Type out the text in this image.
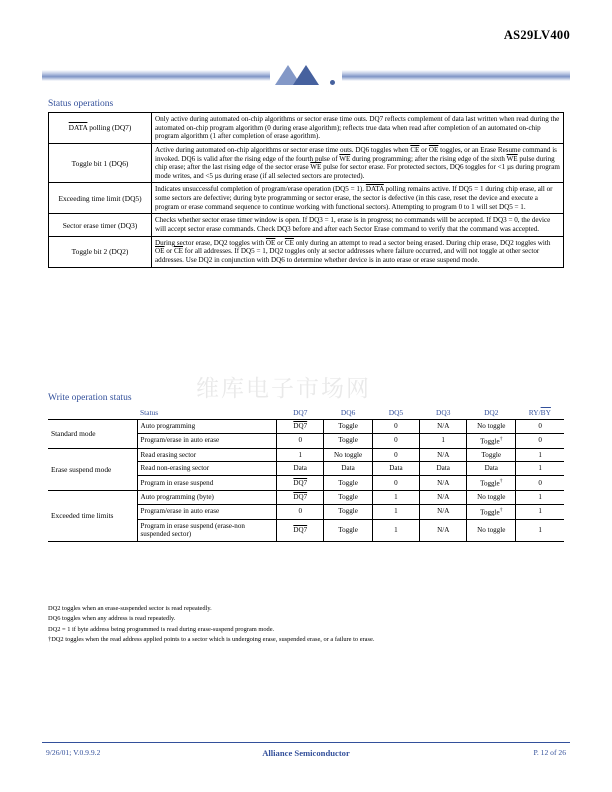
AS29LV400
Status operations
DATA polling (DQ7)	Only active during automated on-chip algorithms or sector erase time outs. DQ7 reflects complement of data last written when read during the automated on-chip program algorithm (0 during erase algorithm); reflects true data when read after completion of an automated on-chip program algorithm (1 after completion of erase agorithm).
Toggle bit 1 (DQ6)	Active during automated on-chip algorithms or sector erase time outs. DQ6 toggles when $\overline{CE}$ or $\overline{OE}$ toggles, or an Erase Resume command is invoked. DQ6 is valid after the rising edge of the fourth pulse of $\overline{WE}$ during programming; after the rising edge of the sixth $\overline{WE}$ pulse during chip erase; after the last rising edge of the sector erase $\overline{WE}$ pulse for sector erase. For protected sectors, DQ6 toggles for <1 µs during program mode writes, and <5 µs during erase (if all selected sectors are protected).
Exceeding time limit (DQ5)	Indicates unsuccessful completion of program/erase operation (DQ5 = 1). DATA polling remains active. If DQ5 = 1 during chip erase, all or some sectors are defective; during byte programming or sector erase, the sector is defective (in this case, reset the device and execute a program or erase command sequence to continue working with functional sectors). Attempting to program 0 to 1 will set DQ5 = 1.
Sector erase timer (DQ3)	Checks whether sector erase timer window is open. If DQ3 = 1, erase is in progress; no commands will be accepted. If DQ3 = 0, the device will accept sector erase commands. Check DQ3 before and after each Sector Erase command to verify that the command was accepted.
Toggle bit 2 (DQ2)	During sector erase, DQ2 toggles with $\overline{OE}$ or $\overline{CE}$ only during an attempt to read a sector being erased. During chip erase, DQ2 toggles with $\overline{OE}$ or $\overline{CE}$ for all addresses. If DQ5 = 1, DQ2 toggles only at sector addresses where failure occurred, and will not toggle at other sector addresses. Use DQ2 in conjunction with DQ6 to determine whether device is in auto erase or erase suspend mode.
Write operation status	维库电子市场网
	Status	DQ7	DQ6	DQ5	DQ3	DQ2	$RY/\overline{BY}$
Standard mode	Auto programming	DQ7	Toggle	0	N/A	No toggle	0
	Program/erase in auto erase	0	Toggle	0	1	Toggle†	0
Erase suspend mode	Read erasing sector	1	No toggle	0	N/A	Toggle	1
	Read non-erasing sector	Data	Data	Data	Data	Data	1
	Program in erase suspend	DQ7	Toggle	0	N/A	Toggle†	0
Exceeded time limits	Auto programming (byte)	DQ7	Toggle	1	N/A	No toggle	1
	Program/erase in auto erase	0	Toggle	1	N/A	Toggle†	1
	Program in erase suspend (erase-non suspended sector)	DQ7	Toggle	1	N/A	No toggle	1
DQ2 toggles when an erase-suspended sector is read repeatedly.
DQ6 toggles when any address is read repeatedly.
DQ2 = 1 if byte address being programmed is read during erase-suspend program mode.
†DQ2 toggles when the read address applied points to a sector which is undergoing erase, suspended erase, or a failure to erase.
9/26/01; V.0.9.9.2	Alliance Semiconductor	P. 12 of 26
